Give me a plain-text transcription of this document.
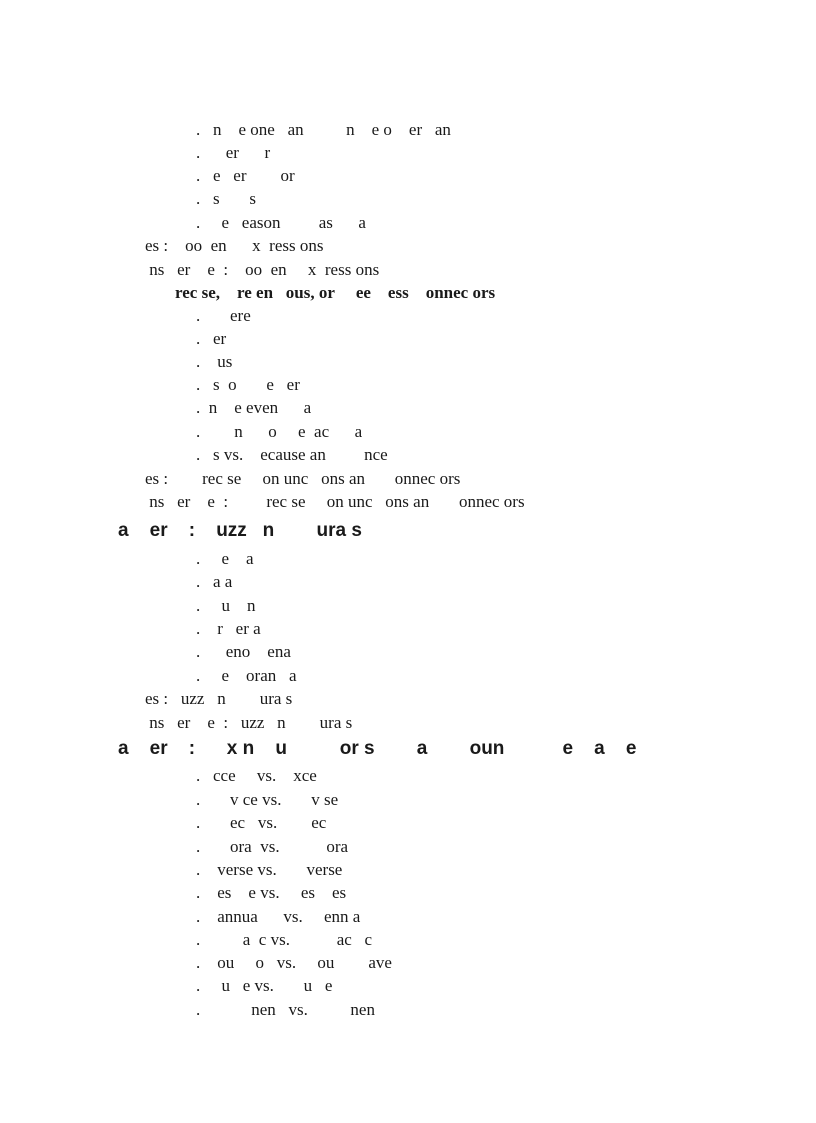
.   n    e one   an          n    e o    er   an
.      er      r
.   e   er        or
.   s       s
.     e   eason         as      a
es :    oo  en      x  ress ons
ns   er    e  :    oo  en     x  ress ons
rec se,    re en   ous, or     ee    ess    onnec ors
.       ere
.   er
.    us
.   s  o       e   er
.  n    e even      a
.        n      o     e  ac      a
.   s vs.    ecause an         nce
es :        rec se     on unc   ons an       onnec ors
ns   er    e  :         rec se     on unc   ons an       onnec ors
a    er    :    uzz   n        ura s
.     e    a
.   a a
.     u    n
.    r   er a
.      eno    ena
.     e    oran   a
es :   uzz   n        ura s
ns   er    e  :   uzz   n        ura s
a    er    :      x n    u          or s        a        oun           e    a    e
.   cce     vs.    xce
.       v ce vs.       v se
.       ec   vs.        ec
.       ora  vs.           ora
.    verse vs.       verse
.    es    e vs.     es    es
.    annua      vs.     enn a
.          a  c vs.           ac   c
.    ou     o   vs.     ou        ave
.     u   e vs.       u   e
.            nen   vs.          nen
